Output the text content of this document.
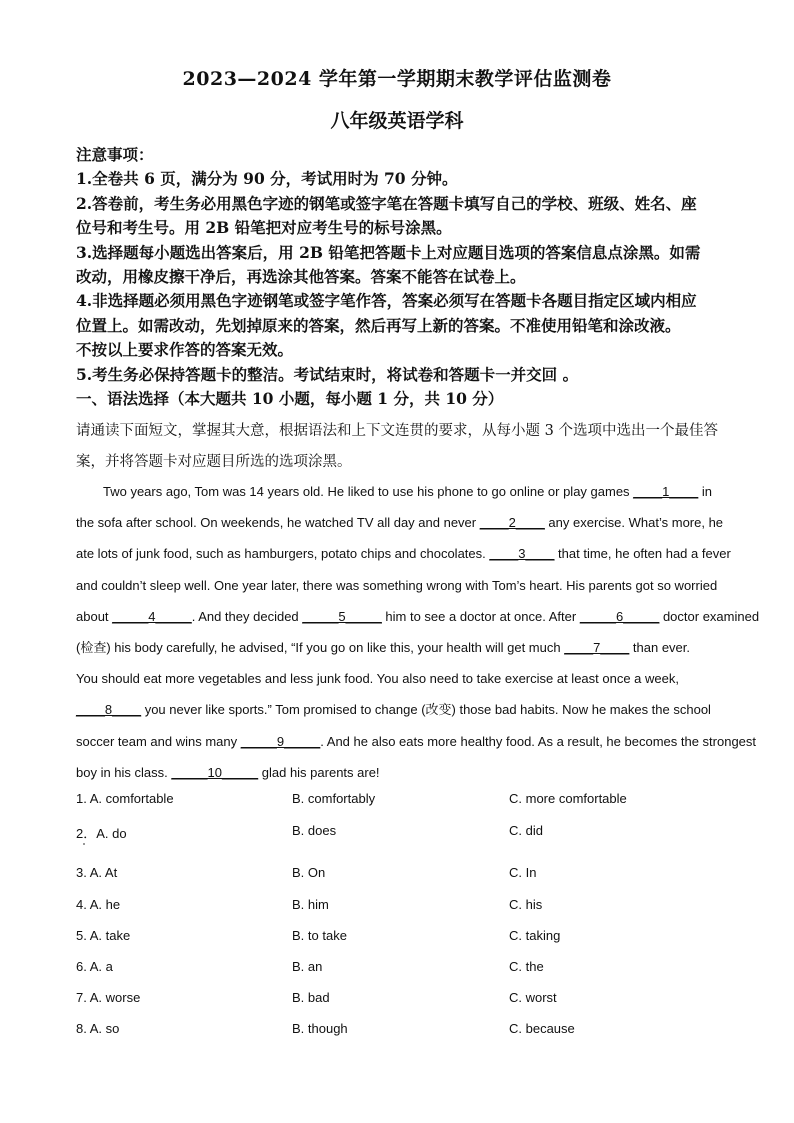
2023—2024 学年第一学期期末教学评估监测卷
八年级英语学科
注意事项：
1.全卷共 6 页，满分为 90 分，考试用时为 70 分钟。
2.答卷前，考生务必用黑色字迹的钢笔或签字笔在答题卡填写自己的学校、班级、姓名、座
位号和考生号。用 2B 铅笔把对应考生号的标号涂黑。
3.选择题每小题选出答案后，用 2B 铅笔把答题卡上对应题目选项的答案信息点涂黑。如需
改动，用橡皮擦干净后，再选涂其他答案。答案不能答在试卷上。
4.非选择题必须用黑色字迹钢笔或签字笔作答，答案必须写在答题卡各题目指定区域内相应
位置上。如需改动，先划掉原来的答案，然后再写上新的答案。不准使用铅笔和涂改液。
不按以上要求作答的答案无效。
5.考生务必保持答题卡的整洁。考试结束时，将试卷和答题卡一并交回 。
一、语法选择（本大题共 10 小题，每小题 1 分，共 10 分）
请通读下面短文，掌握其大意，根据语法和上下文连贯的要求，从每小题 3 个选项中选出一个最佳答
案，并将答题卡对应题目所选的选项涂黑。
Two years ago, Tom was 14 years old. He liked to use his phone to go online or play games ____1____ in
the sofa after school. On weekends, he watched TV all day and never ____2____ any exercise. What’s more, he
ate lots of junk food, such as hamburgers, potato chips and chocolates. ____3____ that time, he often had a fever
and couldn’t sleep well. One year later, there was something wrong with Tom’s heart. His parents got so worried
about _____4_____. And they decided _____5_____ him to see a doctor at once. After _____6_____ doctor examined
(检查) his body carefully, he advised, “If you go on like this, your health will get much ____7____ than ever.
You should eat more vegetables and less junk food. You also need to take exercise at least once a week,
____8____ you never like sports.” Tom promised to change (改变) those bad habits. Now he makes the school
soccer team and wins many _____9_____. And he also eats more healthy food. As a result, he becomes the strongest
boy in his class. _____10_____ glad his parents are!
1. A. comfortable	B. comfortably	C. more comfortable
2．A. do	B. does	C. did
3. A. At	B. On	C. In
4. A. he	B. him	C. his
5. A. take	B. to take	C. taking
6. A. a	B. an	C. the
7. A. worse	B. bad	C. worst
8. A. so	B. though	C. because
